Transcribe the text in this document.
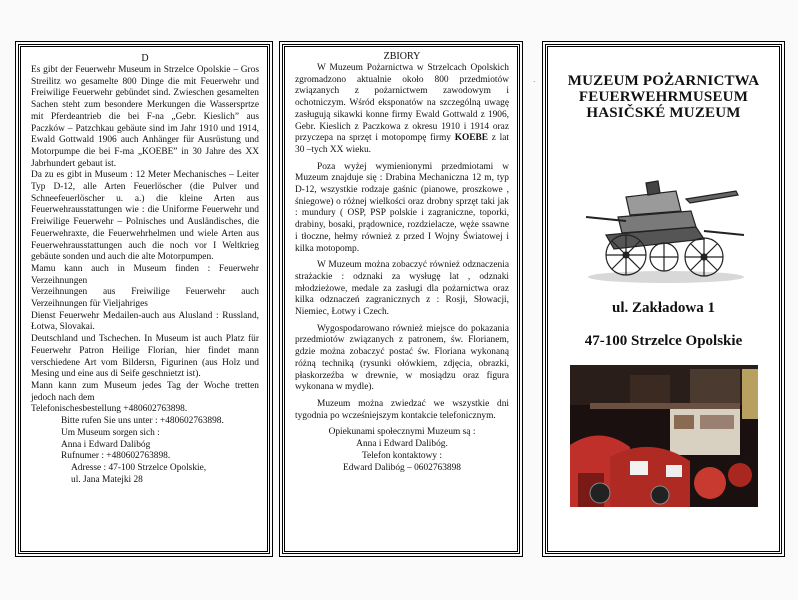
D

Es gibt der Feuerwehr Museum in Strzelce Opolskie – Gros Streilitz wo gesamelte 800 Dinge die mit Feuerwehr und Freiwilige Feuerwehr gebündet sind. Zwieschen gesamelten Sachen steht zum besondere Merkungen die Wassersprtze mit Pferdeantrieb die bei F-na „Gebr. Kieslich” aus Paczków – Patzchkau gebäute sind im Jahr 1910 und 1914, Ewald Gottwald 1906 auch Anhänger für Ausrüstung und Motorpumpe die bei F-ma „KOEBE” in 30 Jahre des XX Jabrhundert gebaut ist.

Da zu es gibt in Museum : 12 Meter Mechanisches – Leiter Typ D-12, alle Arten Feuerlöscher (die Pulver und Schneefeuerlöscher u. a.) die kleine Arten aus Feuerwehrausstattungen wie : die Uniforme Feuerwehr und Freiwilige Feuerwehr – Polnisches und Ausländisches, die Feuerwehraxte, die Feuerwehrhelmen und wiele Arten aus Feuerwehrausstattungen auch die noch vor I Weltkrieg gebäute sonden und auch die alte Motorpumpen.

Mamu kann auch in Museum finden : Feuerwehr Verzeihnungen

Verzeihnungen aus Freiwilige Feuerwehr auch Verzeihnungen für Vieljahriges

Dienst Feuerwehr Medailen-auch aus Alusland : Russland, Łotwa, Slovakai.

Deutschland und Tschechen. In Museum ist auch Platz für Feuerwehr Patron Heilige Florian, hier findet mann verschiedene Art vom Bildersn, Figurinen (aus Holz und Mesing und eine aus di Seife geschnietzt ist).

Mann kann zum Museum jedes Tag der Woche tretten jedoch nach dem

Telefonischesbestellung +480602763898.

Bitte rufen Sie uns unter : +480602763898.

Um Museum sorgen sich :

Anna i Edward Dalibóg

Rufnumer : +480602763898.

Adresse : 47-100 Strzelce Opolskie,

ul. Jana Matejki 28

ZBIORY

W Muzeum Pożarnictwa w Strzelcach Opolskich zgromadzono aktualnie około 800 przedmiotów związanych z pożarnictwem zawodowym i ochotniczym. Wśród eksponatów na szczególną uwagę zasługują sikawki konne firmy Ewald Gottwald z 1906, Gebr. Kieslich z Paczkowa z okresu 1910 i 1914 oraz przyczepa na sprzęt i motopompę firmy KOEBE z lat 30 –tych XX wieku.

Poza wyżej wymienionymi przedmiotami w Muzeum znajduje się : Drabina Mechaniczna 12 m, typ D-12, wszystkie rodzaje gaśnic (pianowe, proszkowe , śniegowe) o różnej wielkości oraz drobny sprzęt taki jak : mundury ( OSP, PSP polskie i zagraniczne, toporki, drabiny, bosaki, prądownice, rozdzielacze, węże ssawne i tłoczne, hełmy również z przed I Wojny Światowej i kilka motopomp.

W Muzeum można zobaczyć również odznaczenia strażackie : odznaki za wysługę lat , odznaki młodzieżowe, medale za zasługi dla pożarnictwa oraz kilka odznaczeń zagranicznych z : Rosji, Słowacji, Niemiec, Łotwy i Czech.

Wygospodarowano również miejsce do pokazania przedmiotów związanych z patronem, św. Florianem, gdzie można zobaczyć postać św. Floriana wykonaną różną techniką (rysunki ołówkiem, zdjęcia, obrazki, płaskorzeźba w drewnie, w mosiądzu oraz figura wykonana w mydle).

Muzeum można zwiedzać we wszystkie dni tygodnia po wcześniejszym kontakcie telefonicznym.

Opiekunami społecznymi Muzeum są :

Anna i Edward Dalibóg.

Telefon kontaktowy :

Edward Dalibóg – 0602763898

·	MUZEUM POŻARNICTWA
FEUERWEHRMUSEUM
HASIČSKÉ MUZEUM
ul. Zakładowa 1
47-100 Strzelce Opolskie
